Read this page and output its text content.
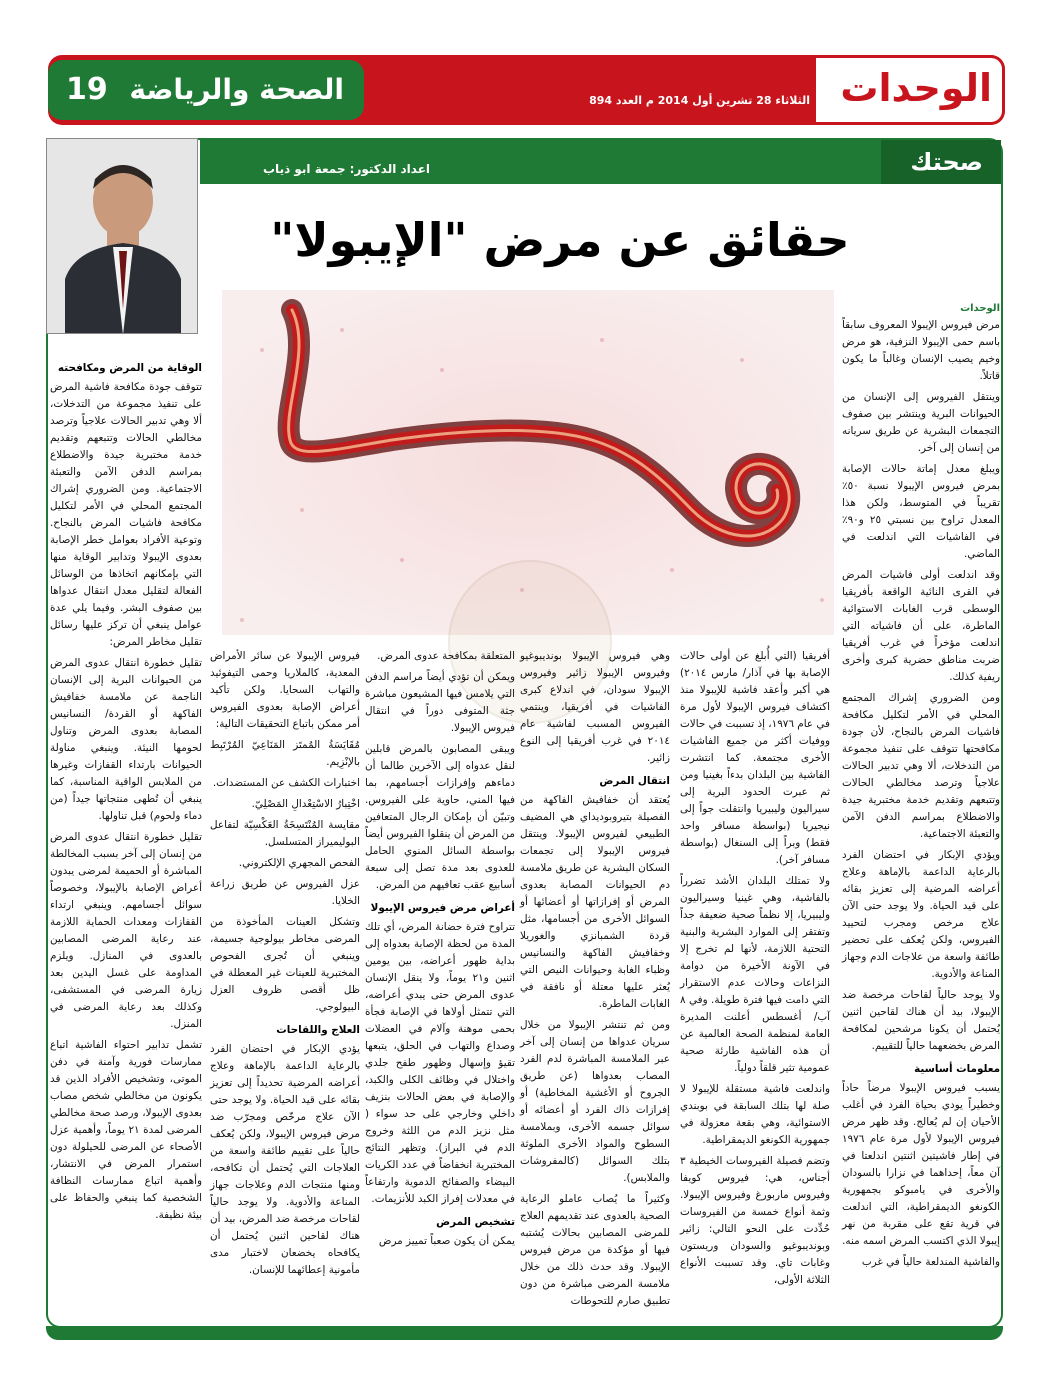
الوحدات
الثلاثاء 28 تشرين أول 2014 م العدد 894
الصحة والرياضة
19
صحتك
اعداد الدكتور: جمعة ابو ذياب
حقائق عن مرض "الإيبولا"
الوحدات

مرض فيروس الإيبولا المعروف سابقاً باسم حمى الإيبولا النزفية، هو مرض وخيم يصيب الإنسان وغالباً ما يكون قاتلاً.

وينتقل الفيروس إلى الإنسان من الحيوانات البرية وينتشر بين صفوف التجمعات البشرية عن طريق سريانه من إنسان إلى آخر.

ويبلغ معدل إماتة حالات الإصابة بمرض فيروس الإيبولا نسبة ٥٠٪ تقريباً في المتوسط، ولكن هذا المعدل تراوح بين نسبتي ٢٥ و٩٠٪ في الفاشيات التي اندلعت في الماضي.

وقد اندلعت أولى فاشيات المرض في القرى النائية الواقعة بأفريقيا الوسطى قرب الغابات الاستوائية الماطرة، على أن فاشياته التي اندلعت مؤخراً في غرب أفريقيا ضربت مناطق حضرية كبرى وأخرى ريفية كذلك.

ومن الضروري إشراك المجتمع المحلي في الأمر لتكليل مكافحة فاشيات المرض بالنجاح، لأن جودة مكافحتها تتوقف على تنفيذ مجموعة من التدخلات، ألا وهي تدبير الحالات علاجياً وترصد مخالطي الحالات وتتبعهم وتقديم خدمة مختبرية جيدة والاضطلاع بمراسم الدفن الآمن والتعبئة الاجتماعية.

ويؤدي الإبكار في احتضان الفرد بالرعاية الداعمة بالإماهة وعلاج أعراضه المرضية إلى تعزيز بقائه على قيد الحياة. ولا يوجد حتى الآن علاج مرخص ومجرب لتحييد الفيروس، ولكن يُعكف على تحضير طائفة واسعة من علاجات الدم وجهاز المناعة والأدوية.

ولا يوجد حالياً لقاحات مرخصة ضد الإيبولا، بيد أن هناك لقاحين اثنين يُحتمل أن يكونا مرشحين لمكافحة المرض بخضعهما حالياً للتقييم.

معلومات أساسية

يسبب فيروس الإيبولا مرضاً حاداً وخطيراً يودي بحياة الفرد في أغلب الأحيان إن لم يُعالج. وقد ظهر مرض فيروس الإيبولا لأول مرة عام ١٩٧٦ في إطار فاشيتين اثنتين اندلعتا في آن معاً، إحداهما في نزارا بالسودان والأخرى في يامبوكو بجمهورية الكونغو الديمقراطية، التي اندلعت في قرية تقع على مقربة من نهر إيبولا الذي اكتسب المرض اسمه منه.

والفاشية المندلعة حالياً في غرب

أفريقيا (التي أُبلغ عن أولى حالات الإصابة بها في آذار/ مارس ٢٠١٤) هي أكبر وأعقد فاشية للإيبولا منذ اكتشاف فيروس الإيبولا لأول مرة في عام ١٩٧٦، إذ تسببت في حالات ووفيات أكثر من جميع الفاشيات الأخرى مجتمعة. كما انتشرت الفاشية بين البلدان بدءاً بغينيا ومن ثم عبرت الحدود البرية إلى سيراليون وليبيريا وانتقلت جواً إلى نيجيريا (بواسطة مسافر واحد فقط) وبراً إلى السنغال (بواسطة مسافر آخر).

ولا تمتلك البلدان الأشد تضرراً بالفاشية، وهي غينيا وسيراليون وليبيريا، إلا نظماً صحية ضعيفة جداً وتفتقر إلى الموارد البشرية والبنية التحتية اللازمة، لأنها لم تخرج إلا في الآونة الأخيرة من دوامة النزاعات وحالات عدم الاستقرار التي دامت فيها فترة طويلة. وفي ٨ آب/ أغسطس أعلنت المديرة العامة لمنظمة الصحة العالمية عن أن هذه الفاشية طارئة صحية عمومية تثير قلقاً دولياً.

واندلعت فاشية مستقلة للإيبولا لا صلة لها بتلك السابقة في بوبندي الاستوائية، وهي بقعة معزولة في جمهورية الكونغو الديمقراطية.

وتضم فصيلة الفيروسات الخيطية ٣ أجناس، هي: فيروس كويفا وفيروس ماربورغ وفيروس الإيبولا. وثمة أنواع خمسة من الفيروسات حُدِّدت على النحو التالي: زائير وبونديبوغيو والسودان وريستون وغابات تاي. وقد تسببت الأنواع الثلاثة الأولى،

وهي فيروس الإيبولا بونديبوغيو وفيروس الإيبولا زائير وفيروس الإيبولا سودان، في اندلاع كبرى الفاشيات في أفريقيا، وينتمي الفيروس المسبب لفاشية عام ٢٠١٤ في غرب أفريقيا إلى النوع زائير.

انتقال المرض

يُعتقد أن خفافيش الفاكهة من الفصيلة بتيروبوديداي هي المضيف الطبيعي لفيروس الإيبولا. وينتقل فيروس الإيبولا إلى تجمعات السكان البشرية عن طريق ملامسة دم الحيوانات المصابة بعدوى المرض أو إفرازاتها أو أعضائها أو السوائل الأخرى من أجسامها، مثل قردة الشمبانزي والغوريلا وخفافيش الفاكهة والنسانيس وظباء الغابة وحيوانات النيص التي يُعثر عليها معتلة أو نافقة في الغابات الماطرة.

ومن ثم تنتشر الإيبولا من خلال سريان عدواها من إنسان إلى آخر عبر الملامسة المباشرة لدم الفرد المصاب بعدواها (عن طريق الجروح أو الأغشية المخاطية) أو إفرازات ذاك الفرد أو أعضائه أو سوائل جسمه الأخرى، وبملامسة السطوح والمواد الأخرى الملوثة بتلك السوائل (كالمفروشات والملابس).

وكثيراً ما يُصاب عاملو الرعاية الصحية بالعدوى عند تقديمهم العلاج للمرضى المصابين بحالات يُشتبه فيها أو مؤكدة من مرض فيروس الإيبولا. وقد حدث ذلك من خلال ملامسة المرضى مباشرة من دون تطبيق صارم للتحوطات

المتعلقة بمكافحة عدوى المرض.

ويمكن أن تؤدي أيضاً مراسم الدفن التي يلامس فيها المشيعون مباشرة جثة المتوفى دوراً في انتقال فيروس الإيبولا.

ويبقى المصابون بالمرض قابلين لنقل عدواه إلى الآخرين طالما أن دماءهم وإفرازات أجسامهم، بما فيها المني، حاوية على الفيروس. وتبيّن أن بإمكان الرجال المتعافين من المرض أن ينقلوا الفيروس أيضاً بواسطة السائل المنوي الحامل للعدوى بعد مدة تصل إلى سبعة أسابيع عقب تعافيهم من المرض.

أعراض مرض فيروس الإيبولا

تتراوح فترة حضانة المرض، أي تلك المدة من لحظة الإصابة بعدواه إلى بداية ظهور أعراضه، بين يومين اثنين و٢١ يوماً، ولا ينقل الإنسان عدوى المرض حتى يبدي أعراضه، التي تتمثل أولاها في الإصابة فجأة بحمى موهنة وآلام في العضلات وصداع والتهاب في الحلق، يتبعها تقيؤ وإسهال وظهور طفح جلدي واختلال في وظائف الكلى والكبد، والإصابة في بعض الحالات بنزيف داخلي وخارجي على حد سواء ( مثل نزيز الدم من اللثة وخروج الدم في البراز). وتظهر النتائج المختبرية انخفاضاً في عدد الكريات البيضاء والصفائح الدموية وارتفاعاً في معدلات إفراز الكبد للأنزيمات.

تشخيص المرض

يمكن أن يكون صعباً تمييز مرض

فيروس الإيبولا عن سائر الأمراض المعدية، كالملاريا وحمى التيفوئيد والتهاب السحايا. ولكن تأكيد أعراض الإصابة بعدوى الفيروس أمر ممكن باتباع التحقيقات التالية:

مُقَايَسَةُ المُمتَز المَنَاعِيّ المُرْتَبِط بالإنْزِيم.

اختبارات الكشف عن المستضدات.

اخْتِبارُ الاسْتِعْدالِ المَصْلِيّ.

مقايسة المُنْتَسِخَةُ العَكْسِيّة لتفاعل البوليميراز المتسلسل.

الفحص المجهري الإلكتروني.

عزل الفيروس عن طريق زراعة الخلايا.

وتشكل العينات المأخوذة من المرضى مخاطر بيولوجية جسيمة، وينبغي أن تُجرى الفحوص المختبرية للعينات غير المعطلة في ظل أقصى ظروف العزل البيولوجي.

العلاج واللقاحات

يؤدي الإبكار في احتضان الفرد بالرعاية الداعمة بالإماهة وعلاج أعراضه المرضية تحديداً إلى تعزيز بقائه على قيد الحياة. ولا يوجد حتى الآن علاج مرخّص ومجرّب ضد مرض فيروس الإيبولا، ولكن يُعكف حالياً على تقييم طائفة واسعة من العلاجات التي يُحتمل أن تكافحه، ومنها منتجات الدم وعلاجات جهاز المناعة والأدوية. ولا يوجد حالياً لقاحات مرخصة ضد المرض، بيد أن هناك لقاحين اثنين يُحتمل أن يكافحاه يخضعان لاختبار مدى مأمونية إعطائهما للإنسان.

الوقاية من المرض ومكافحته

تتوقف جودة مكافحة فاشية المرض على تنفيذ مجموعة من التدخلات، ألا وهي تدبير الحالات علاجياً وترصد مخالطي الحالات وتتبعهم وتقديم خدمة مختبرية جيدة والاضطلاع بمراسم الدفن الآمن والتعبئة الاجتماعية. ومن الضروري إشراك المجتمع المحلي في الأمر لتكليل مكافحة فاشيات المرض بالنجاح. وتوعية الأفراد بعوامل خطر الإصابة بعدوى الإيبولا وتدابير الوقاية منها التي بإمكانهم اتخاذها من الوسائل الفعالة لتقليل معدل انتقال عدواها بين صفوف البشر. وفيما يلي عدة عوامل ينبغي أن تركز عليها رسائل تقليل مخاطر المرض:

تقليل خطورة انتقال عدوى المرض من الحيوانات البرية إلى الإنسان الناجمة عن ملامسة خفافيش الفاكهة أو القردة/ النسانيس المصابة بعدوى المرض وتناول لحومها النيئة. وينبغي مناولة الحيوانات بارتداء القفازات وغيرها من الملابس الواقية المناسبة، كما ينبغي أن تُطهى منتجاتها جيداً (من دماء ولحوم) قبل تناولها.

تقليل خطورة انتقال عدوى المرض من إنسان إلى آخر بسبب المخالطة المباشرة أو الحميمة لمرضى يبدون أعراض الإصابة بالإيبولا، وخصوصاً سوائل أجسامهم. وينبغي ارتداء القفازات ومعدات الحماية اللازمة عند رعاية المرضى المصابين بالعدوى في المنازل. ويلزم المداومة على غسل اليدين بعد زيارة المرضى في المستشفى، وكذلك بعد رعاية المرضى في المنزل.

تشمل تدابير احتواء الفاشية اتباع ممارسات فورية وآمنة في دفن الموتى، وتشخيص الأفراد الذين قد يكونون من مخالطي شخص مصاب بعدوى الإيبولا، ورصد صحة مخالطي المرضى لمدة ٢١ يوماً، وأهمية عزل الأصحاء عن المرضى للحيلولة دون استمرار المرض في الانتشار، وأهمية اتباع ممارسات النظافة الشخصية كما ينبغي والحفاظ على بيئة نظيفة.
